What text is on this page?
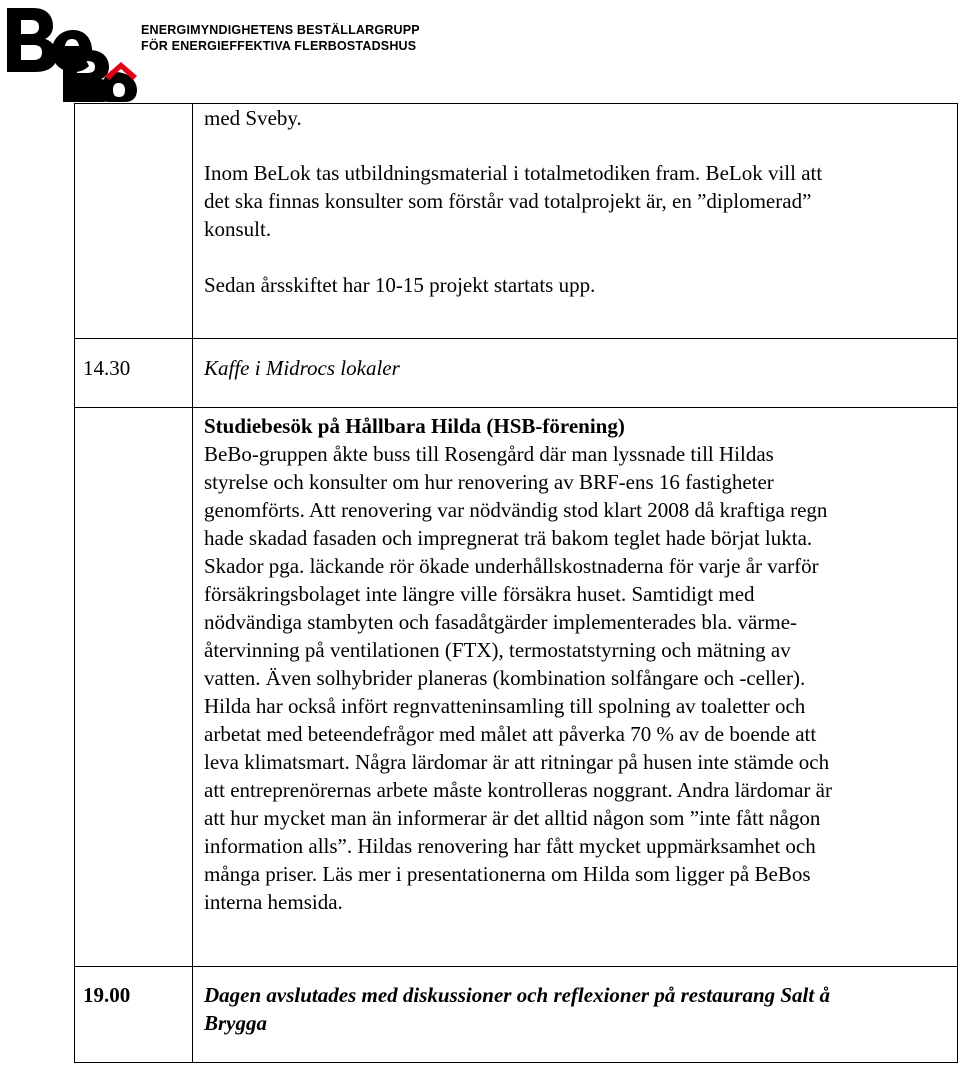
ENERGIMYNDIGHETENS BESTÄLLARGRUPP
FÖR ENERGIEFFEKTIVA FLERBOSTADSHUS
med Sveby.
Inom BeLok tas utbildningsmaterial i totalmetodiken fram. BeLok vill att
det ska finnas konsulter som förstår vad totalprojekt är, en ”diplomerad”
konsult.
Sedan årsskiftet har 10-15 projekt startats upp.
14.30	Kaffe i Midrocs lokaler
Studiebesök på Hållbara Hilda (HSB-förening)
BeBo-gruppen åkte buss till Rosengård där man lyssnade till Hildas
styrelse och konsulter om hur renovering av BRF-ens 16 fastigheter
genomförts. Att renovering var nödvändig stod klart 2008 då kraftiga regn
hade skadad fasaden och impregnerat trä bakom teglet hade börjat lukta.
Skador pga. läckande rör ökade underhållskostnaderna för varje år varför
försäkringsbolaget inte längre ville försäkra huset. Samtidigt med
nödvändiga stambyten och fasadåtgärder implementerades bla. värme-
återvinning på ventilationen (FTX), termostatstyrning och mätning av
vatten. Även solhybrider planeras (kombination solfångare och -celler).
Hilda har också infört regnvatteninsamling till spolning av toaletter och
arbetat med beteendefrågor med målet att påverka 70 % av de boende att
leva klimatsmart. Några lärdomar är att ritningar på husen inte stämde och
att entreprenörernas arbete måste kontrolleras noggrant. Andra lärdomar är
att hur mycket man än informerar är det alltid någon som ”inte fått någon
information alls”. Hildas renovering har fått mycket uppmärksamhet och
många priser. Läs mer i presentationerna om Hilda som ligger på BeBos
interna hemsida.
19.00	Dagen avslutades med diskussioner och reflexioner på restaurang Salt å
Brygga
